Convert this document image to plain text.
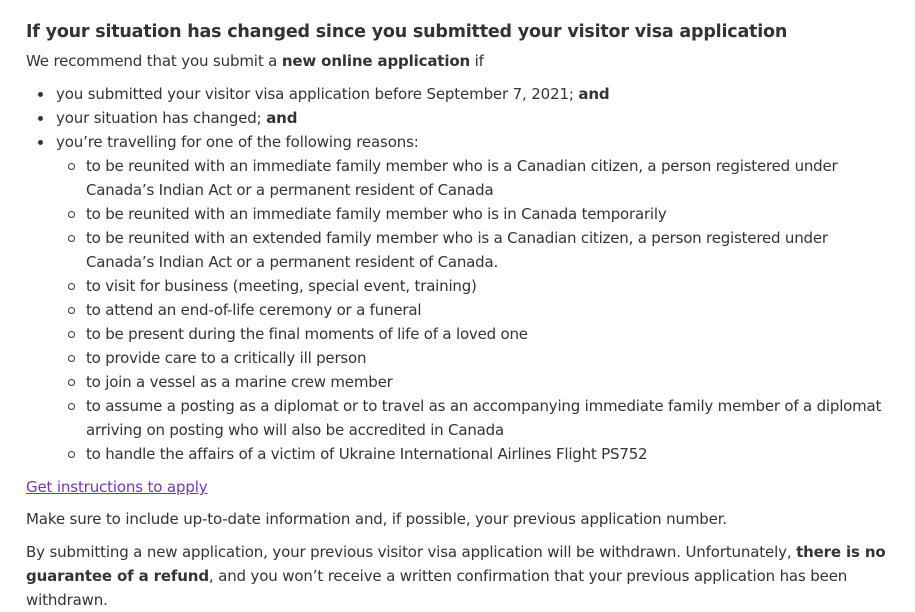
If your situation has changed since you submitted your visitor visa application

We recommend that you submit a new online application if

you submitted your visitor visa application before September 7, 2021; and
your situation has changed; and
you’re travelling for one of the following reasons:
to be reunited with an immediate family member who is a Canadian citizen, a person registered under Canada’s Indian Act or a permanent resident of Canada
to be reunited with an immediate family member who is in Canada temporarily
to be reunited with an extended family member who is a Canadian citizen, a person registered under Canada’s Indian Act or a permanent resident of Canada.
to visit for business (meeting, special event, training)
to attend an end-of-life ceremony or a funeral
to be present during the final moments of life of a loved one
to provide care to a critically ill person
to join a vessel as a marine crew member
to assume a posting as a diplomat or to travel as an accompanying immediate family member of a diplomat arriving on posting who will also be accredited in Canada
to handle the affairs of a victim of Ukraine International Airlines Flight PS752

Get instructions to apply

Make sure to include up-to-date information and, if possible, your previous application number.

By submitting a new application, your previous visitor visa application will be withdrawn. Unfortunately, there is no guarantee of a refund, and you won’t receive a written confirmation that your previous application has been withdrawn.
